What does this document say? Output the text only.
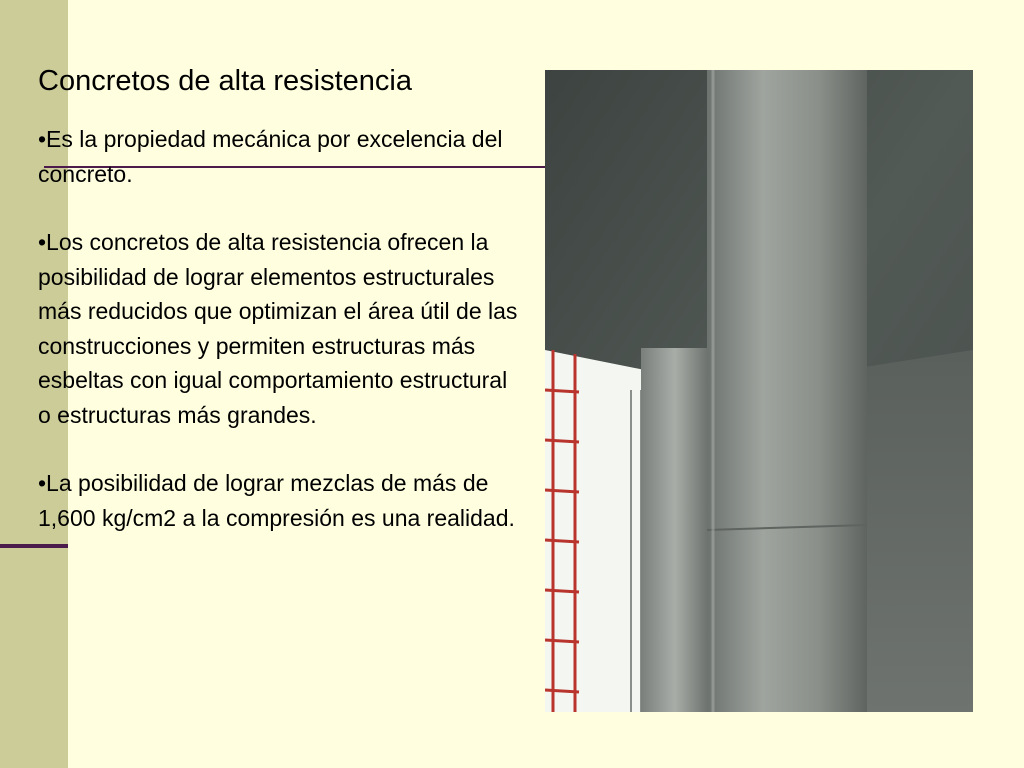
Concretos de alta resistencia

•Es la propiedad mecánica por excelencia del concreto.

•Los concretos de alta resistencia ofrecen la posibilidad de lograr elementos estructurales más reducidos que optimizan el área útil de las construcciones y permiten estructuras más esbeltas con igual comportamiento estructural o estructuras más grandes.

•La posibilidad de lograr mezclas de más de 1,600 kg/cm2 a la compresión es una realidad.
